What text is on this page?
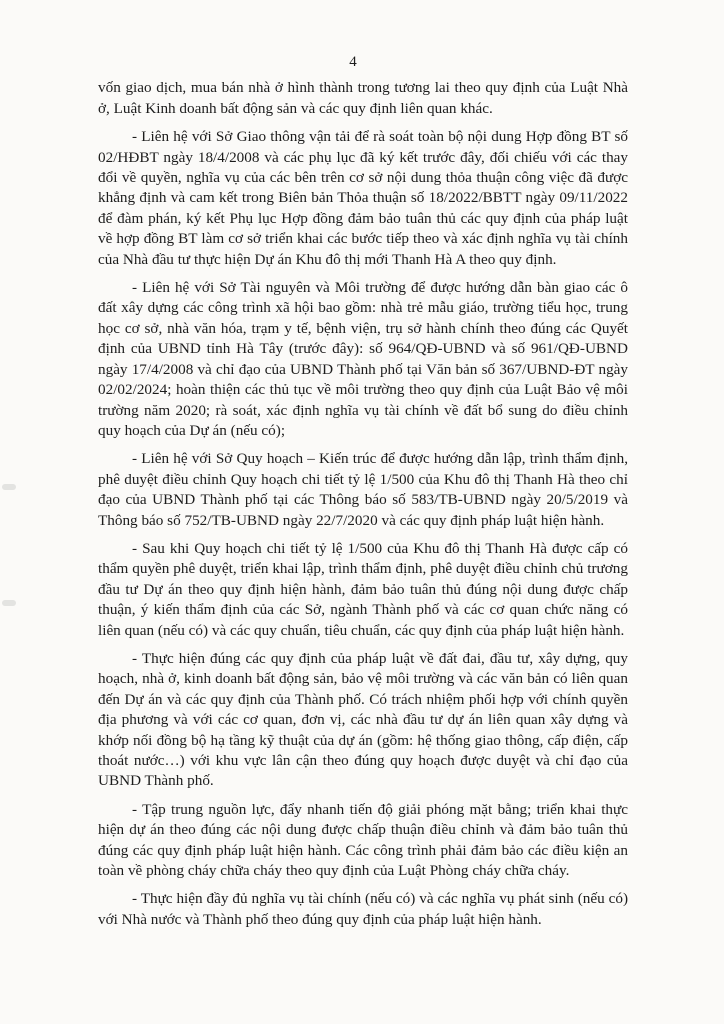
4

vốn giao dịch, mua bán nhà ở hình thành trong tương lai theo quy định của Luật Nhà ở, Luật Kinh doanh bất động sản và các quy định liên quan khác.

- Liên hệ với Sở Giao thông vận tải để rà soát toàn bộ nội dung Hợp đồng BT số 02/HĐBT ngày 18/4/2008 và các phụ lục đã ký kết trước đây, đối chiếu với các thay đổi về quyền, nghĩa vụ của các bên trên cơ sở nội dung thỏa thuận công việc đã được khẳng định và cam kết trong Biên bản Thỏa thuận số 18/2022/BBTT ngày 09/11/2022 để đàm phán, ký kết Phụ lục Hợp đồng đảm bảo tuân thủ các quy định của pháp luật về hợp đồng BT làm cơ sở triển khai các bước tiếp theo và xác định nghĩa vụ tài chính của Nhà đầu tư thực hiện Dự án Khu đô thị mới Thanh Hà A theo quy định.

- Liên hệ với Sở Tài nguyên và Môi trường để được hướng dẫn bàn giao các ô đất xây dựng các công trình xã hội bao gồm: nhà trẻ mẫu giáo, trường tiểu học, trung học cơ sở, nhà văn hóa, trạm y tế, bệnh viện, trụ sở hành chính theo đúng các Quyết định của UBND tỉnh Hà Tây (trước đây): số 964/QĐ-UBND và số 961/QĐ-UBND ngày 17/4/2008 và chỉ đạo của UBND Thành phố tại Văn bản số 367/UBND-ĐT ngày 02/02/2024; hoàn thiện các thủ tục về môi trường theo quy định của Luật Bảo vệ môi trường năm 2020; rà soát, xác định nghĩa vụ tài chính về đất bổ sung do điều chỉnh quy hoạch của Dự án (nếu có);

- Liên hệ với Sở Quy hoạch – Kiến trúc để được hướng dẫn lập, trình thẩm định, phê duyệt điều chỉnh Quy hoạch chi tiết tỷ lệ 1/500 của Khu đô thị Thanh Hà theo chỉ đạo của UBND Thành phố tại các Thông báo số 583/TB-UBND ngày 20/5/2019 và Thông báo số 752/TB-UBND ngày 22/7/2020 và các quy định pháp luật hiện hành.

- Sau khi Quy hoạch chi tiết tỷ lệ 1/500 của Khu đô thị Thanh Hà được cấp có thẩm quyền phê duyệt, triển khai lập, trình thẩm định, phê duyệt điều chỉnh chủ trương đầu tư Dự án theo quy định hiện hành, đảm bảo tuân thủ đúng nội dung được chấp thuận, ý kiến thẩm định của các Sở, ngành Thành phố và các cơ quan chức năng có liên quan (nếu có) và các quy chuẩn, tiêu chuẩn, các quy định của pháp luật hiện hành.

- Thực hiện đúng các quy định của pháp luật về đất đai, đầu tư, xây dựng, quy hoạch, nhà ở, kinh doanh bất động sản, bảo vệ môi trường và các văn bản có liên quan đến Dự án và các quy định của Thành phố. Có trách nhiệm phối hợp với chính quyền địa phương và với các cơ quan, đơn vị, các nhà đầu tư dự án liên quan xây dựng và khớp nối đồng bộ hạ tầng kỹ thuật của dự án (gồm: hệ thống giao thông, cấp điện, cấp thoát nước…) với khu vực lân cận theo đúng quy hoạch được duyệt và chỉ đạo của UBND Thành phố.

- Tập trung nguồn lực, đẩy nhanh tiến độ giải phóng mặt bằng; triển khai thực hiện dự án theo đúng các nội dung được chấp thuận điều chỉnh và đảm bảo tuân thủ đúng các quy định pháp luật hiện hành. Các công trình phải đảm bảo các điều kiện an toàn về phòng cháy chữa cháy theo quy định của Luật Phòng cháy chữa cháy.

- Thực hiện đầy đủ nghĩa vụ tài chính (nếu có) và các nghĩa vụ phát sinh (nếu có) với Nhà nước và Thành phố theo đúng quy định của pháp luật hiện hành.
